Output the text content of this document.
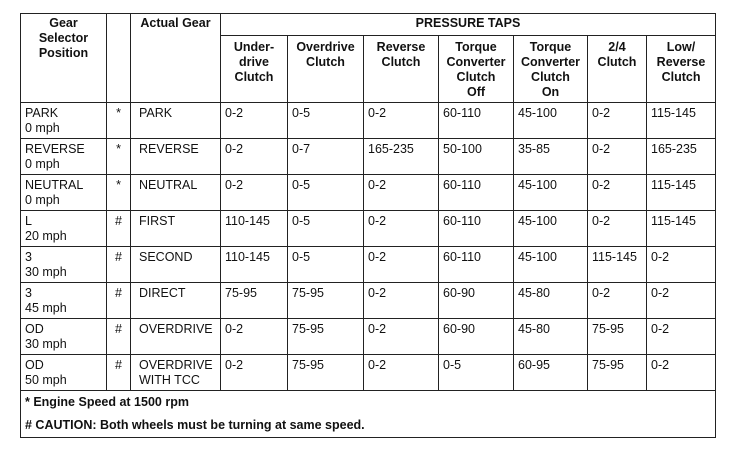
Gear
Selector
Position		Actual Gear	PRESSURE TAPS						

			Under-
drive
Clutch	Overdrive
Clutch	Reverse
Clutch	Torque
Converter
Clutch
Off	Torque
Converter
Clutch
On	2/4
Clutch	Low/
Reverse
Clutch

PARK
0 mph	*	PARK	0-2	0-5	0-2	60-110	45-100	0-2	115-145

REVERSE
0 mph	*	REVERSE	0-2	0-7	165-235	50-100	35-85	0-2	165-235

NEUTRAL
0 mph	*	NEUTRAL	0-2	0-5	0-2	60-110	45-100	0-2	115-145

L
20 mph	#	FIRST	110-145	0-5	0-2	60-110	45-100	0-2	115-145

3
30 mph	#	SECOND	110-145	0-5	0-2	60-110	45-100	115-145	0-2

3
45 mph	#	DIRECT	75-95	75-95	0-2	60-90	45-80	0-2	0-2

OD
30 mph	#	OVERDRIVE	0-2	75-95	0-2	60-90	45-80	75-95	0-2

OD
50 mph	#	OVERDRIVE
WITH TCC	0-2	75-95	0-2	0-5	60-95	75-95	0-2
* Engine Speed at 1500 rpm									
# CAUTION: Both wheels must be turning at same speed.									
